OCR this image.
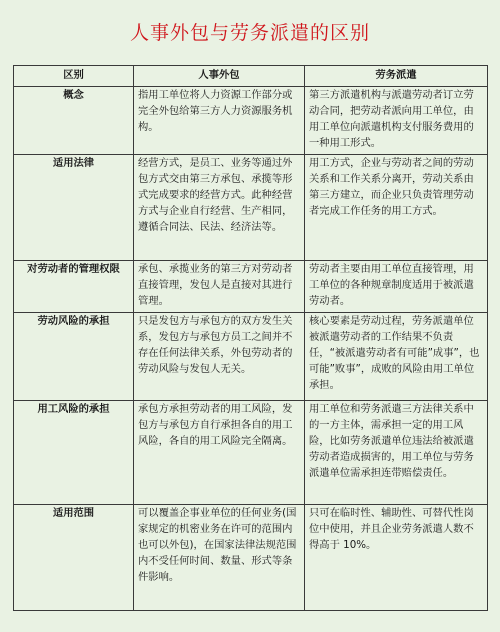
人事外包与劳务派遣的区别
区别	人事外包	劳务派遣
概念	指用工单位将人力资源工作部分或完全外包给第三方人力资源服务机构。	第三方派遣机构与派遣劳动者订立劳动合同，把劳动者派向用工单位，由用工单位向派遣机构支付服务费用的一种用工形式。
适用法律	经营方式，是员工、业务等通过外包方式交由第三方承包、承揽等形式完成要求的经营方式。此种经营方式与企业自行经营、生产相同，遵循合同法、民法、经济法等。	用工方式，企业与劳动者之间的劳动关系和工作关系分离开，劳动关系由第三方建立，而企业只负责管理劳动者完成工作任务的用工方式。
对劳动者的管理权限	承包、承揽业务的第三方对劳动者直接管理，发包人是直接对其进行管理。	劳动者主要由用工单位直接管理，用工单位的各种规章制度适用于被派遣劳动者。
劳动风险的承担	只是发包方与承包方的双方发生关系，发包方与承包方员工之间并不存在任何法律关系，外包劳动者的劳动风险与发包人无关。	核心要素是劳动过程，劳务派遣单位被派遣劳动者的工作结果不负责任，“被派遣劳动者有可能”成事”，也可能”败事”，成败的风险由用工单位承担。
用工风险的承担	承包方承担劳动者的用工风险，发包方与承包方自行承担各自的用工风险，各自的用工风险完全隔离。	用工单位和劳务派遣三方法律关系中的一方主体，需承担一定的用工风险，比如劳务派遣单位违法给被派遣劳动者造成损害的，用工单位与劳务派遣单位需承担连带赔偿责任。
适用范围	可以覆盖企事业单位的任何业务(国家规定的机密业务在许可的范围内也可以外包)，在国家法律法规范围内不受任何时间、数量、形式等条件影响。	只可在临时性、辅助性、可替代性岗位中使用，并且企业劳务派遣人数不得高于 10%。
